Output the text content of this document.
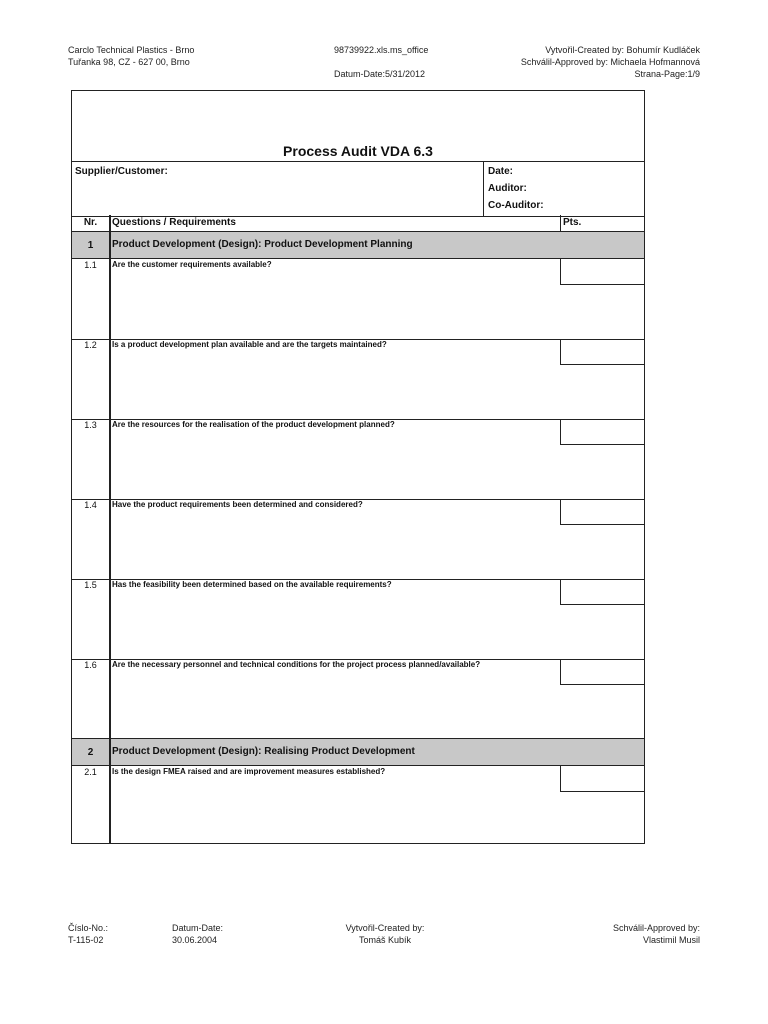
Carclo Technical Plastics - Brno
Tuřanka 98, CZ - 627 00, Brno
98739922.xls.ms_office
Datum-Date:5/31/2012
Vytvořil-Created by: Bohumír Kudláček
Schválil-Approved by: Michaela Hofmannová
Strana-Page:1/9
Process Audit VDA 6.3
Supplier/Customer:	Date:
Auditor:
Co-Auditor:
Nr.	Questions / Requirements	Pts.
1	Product Development (Design): Product Development Planning
1.1	Are the customer requirements available?
1.2	Is a product development plan available and are the targets maintained?
1.3	Are the resources for the realisation of the product development planned?
1.4	Have the product requirements been determined and considered?
1.5	Has the feasibility been determined based on the available requirements?
1.6	Are the necessary personnel and technical conditions for the project process planned/available?
2	Product Development (Design): Realising Product Development
2.1	Is the design FMEA raised and are improvement measures established?
Číslo-No.:
T-115-02
Datum-Date:
30.06.2004
Vytvořil-Created by:
Tomáš Kubík
Schválil-Approved by:
Vlastimil Musil
